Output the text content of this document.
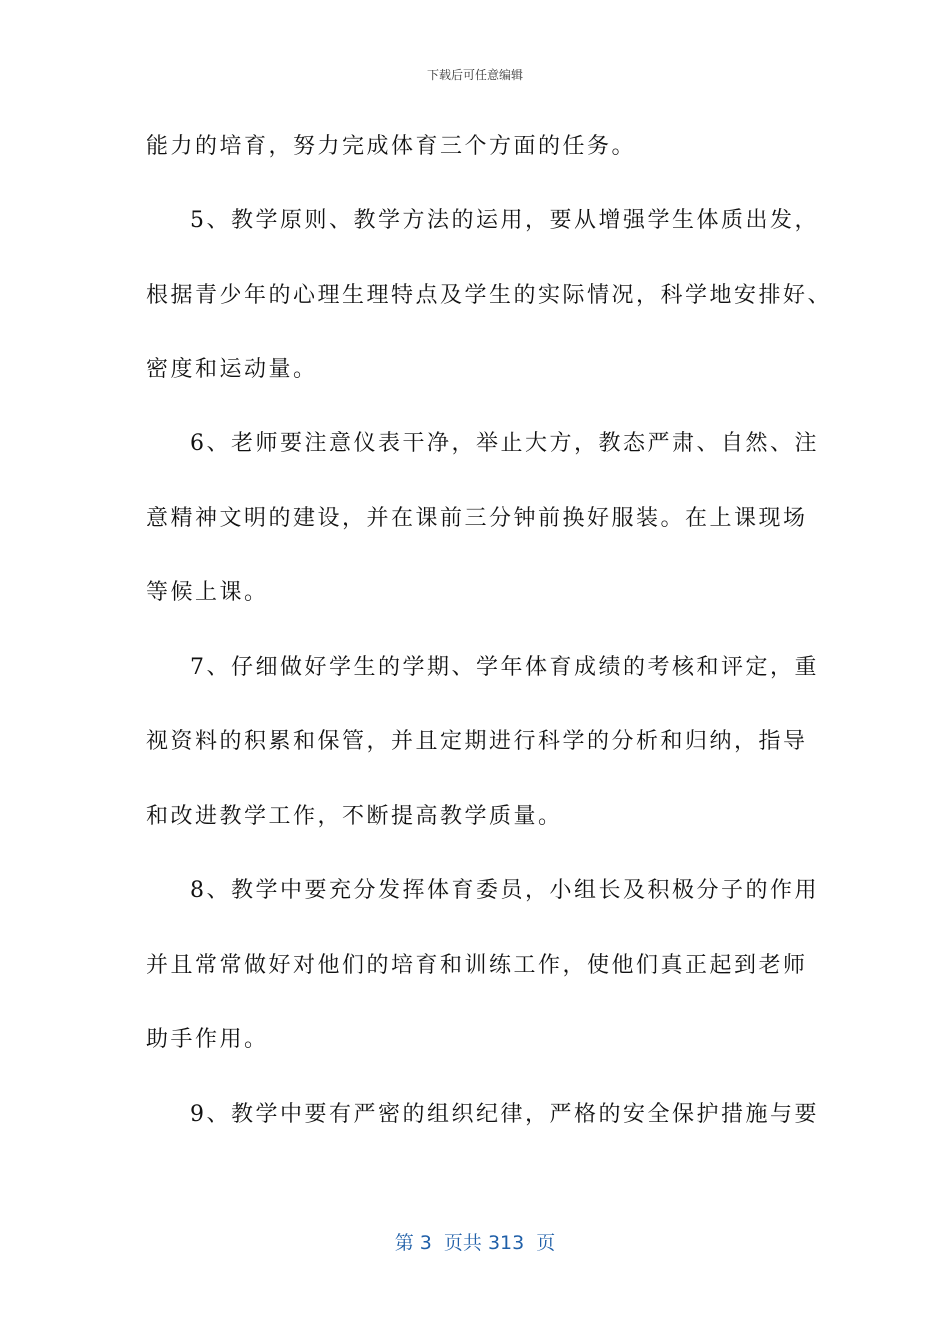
下载后可任意编辑
能力的培育，努力完成体育三个方面的任务。
5、教学原则、教学方法的运用，要从增强学生体质出发，
根据青少年的心理生理特点及学生的实际情况，科学地安排好、
密度和运动量。
6、老师要注意仪表干净，举止大方，教态严肃、自然、注
意精神文明的建设，并在课前三分钟前换好服装。在上课现场
等候上课。
7、仔细做好学生的学期、学年体育成绩的考核和评定，重
视资料的积累和保管，并且定期进行科学的分析和归纳，指导
和改进教学工作，不断提高教学质量。
8、教学中要充分发挥体育委员，小组长及积极分子的作用
并且常常做好对他们的培育和训练工作，使他们真正起到老师
助手作用。
9、教学中要有严密的组织纪律，严格的安全保护措施与要
第 3  页共 313  页
